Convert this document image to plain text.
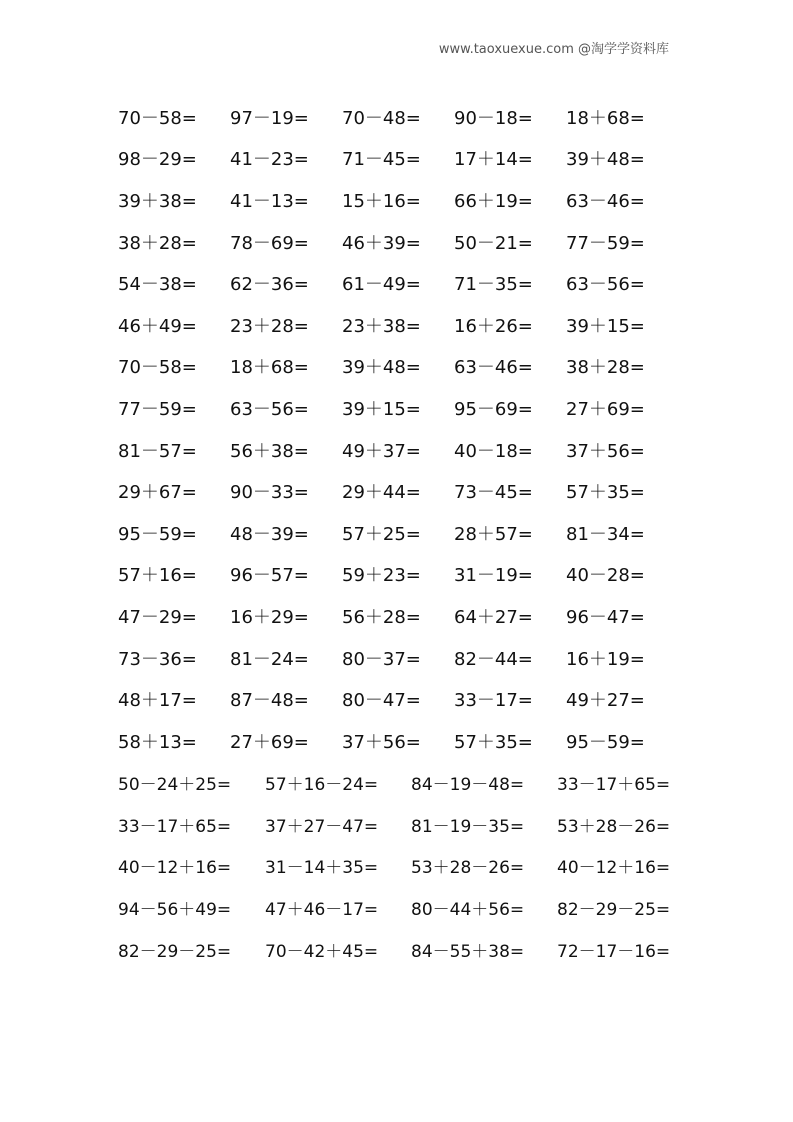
www.taoxuexue.com @淘学学资料库
70－58=	97－19=	70－48=	90－18=	18＋68=
98－29=	41－23=	71－45=	17＋14=	39＋48=
39＋38=	41－13=	15＋16=	66＋19=	63－46=
38＋28=	78－69=	46＋39=	50－21=	77－59=
54－38=	62－36=	61－49=	71－35=	63－56=
46＋49=	23＋28=	23＋38=	16＋26=	39＋15=
70－58=	18＋68=	39＋48=	63－46=	38＋28=
77－59=	63－56=	39＋15=	95－69=	27＋69=
81－57=	56＋38=	49＋37=	40－18=	37＋56=
29＋67=	90－33=	29＋44=	73－45=	57＋35=
95－59=	48－39=	57＋25=	28＋57=	81－34=
57＋16=	96－57=	59＋23=	31－19=	40－28=
47－29=	16＋29=	56＋28=	64＋27=	96－47=
73－36=	81－24=	80－37=	82－44=	16＋19=
48＋17=	87－48=	80－47=	33－17=	49＋27=
58＋13=	27＋69=	37＋56=	57＋35=	95－59=
50－24＋25=	57＋16－24=	84－19－48=	33－17＋65=
33－17＋65=	37＋27－47=	81－19－35=	53＋28－26=
40－12＋16=	31－14＋35=	53＋28－26=	40－12＋16=
94－56＋49=	47＋46－17=	80－44＋56=	82－29－25=
82－29－25=	70－42＋45=	84－55＋38=	72－17－16=
